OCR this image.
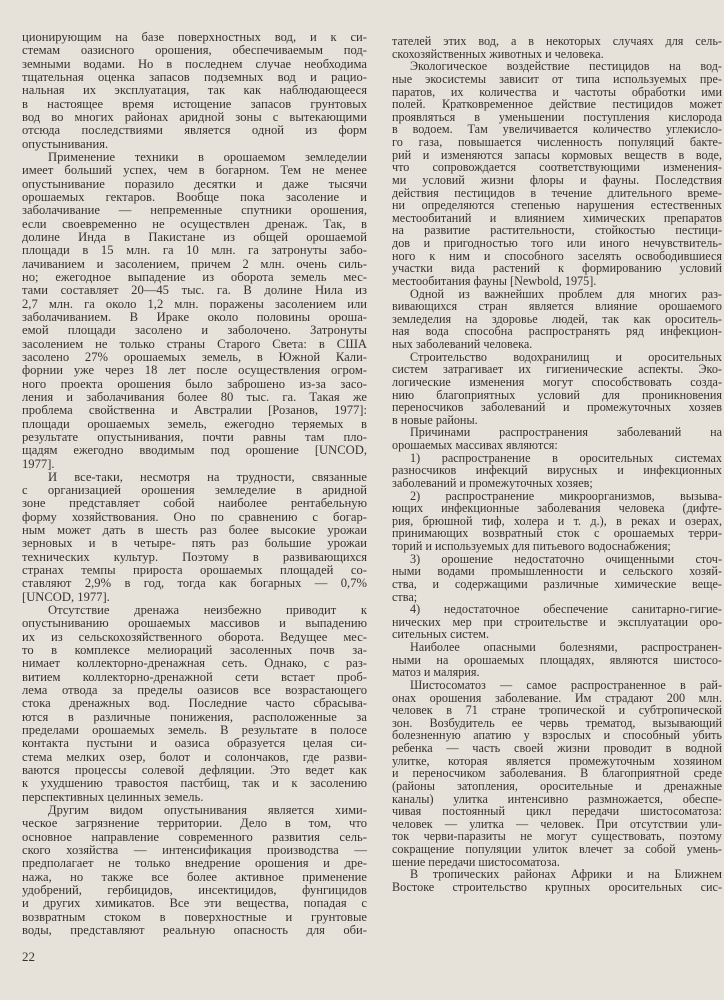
ционирующим на базе поверхностных вод, и к си-
стемам оазисного орошения, обеспечиваемым под-
земными водами. Но в последнем случае необходима
тщательная оценка запасов подземных вод и рацио-
нальная их эксплуатация, так как наблюдающееся
в настоящее время истощение запасов грунтовых
вод во многих районах аридной зоны с вытекающими
отсюда последствиями является одной из форм
опустынивания.
Применение техники в орошаемом земледелии
имеет больший успех, чем в богарном. Тем не менее
опустынивание поразило десятки и даже тысячи
орошаемых гектаров. Вообще пока засоление и
заболачивание — непременные спутники орошения,
если своевременно не осуществлен дренаж. Так, в
долине Инда в Пакистане из общей орошаемой
площади в 15 млн. га 10 млн. га затронуты забо-
лачиванием и засолением, причем 2 млн. очень силь-
но; ежегодное выпадение из оборота земель мес-
тами составляет 20—45 тыс. га. В долине Нила из
2,7 млн. га около 1,2 млн. поражены засолением или
заболачиванием. В Ираке около половины ороша-
емой площади засолено и заболочено. Затронуты
засолением не только страны Старого Света: в США
засолено 27% орошаемых земель, в Южной Кали-
форнии уже через 18 лет после осуществления огром-
ного проекта орошения было заброшено из-за засо-
ления и заболачивания более 80 тыс. га. Такая же
проблема свойственна и Австралии [Розанов, 1977]:
площади орошаемых земель, ежегодно теряемых в
результате опустынивания, почти равны там пло-
щадям ежегодно вводимым под орошение [UNCOD,
1977].
И все-таки, несмотря на трудности, связанные
с организацией орошения земледелие в аридной
зоне представляет собой наиболее рентабельную
форму хозяйствования. Оно по сравнению с богар-
ным может дать в шесть раз более высокие урожаи
зерновых и в четыре- пять раз большие урожаи
технических культур. Поэтому в развивающихся
странах темпы прироста орошаемых площадей со-
ставляют 2,9% в год, тогда как богарных — 0,7%
[UNCOD, 1977].
Отсутствие дренажа неизбежно приводит к
опустыниванию орошаемых массивов и выпадению
их из сельскохозяйственного оборота. Ведущее мес-
то в комплексе мелиораций засоленных почв за-
нимает коллекторно-дренажная сеть. Однако, с раз-
витием коллекторно-дренажной сети встает проб-
лема отвода за пределы оазисов все возрастающего
стока дренажных вод. Последние часто сбрасыва-
ются в различные понижения, расположенные за
пределами орошаемых земель. В результате в полосе
контакта пустыни и оазиса образуется целая си-
стема мелких озер, болот и солончаков, где разви-
ваются процессы солевой дефляции. Это ведет как
к ухудшению травостоя пастбищ, так и к засолению
перспективных целинных земель.
Другим видом опустынивания является хими-
ческое загрязнение территории. Дело в том, что
основное направление современного развития сель-
ского хозяйства — интенсификация производства —
предполагает не только внедрение орошения и дре-
нажа, но также все более активное применение
удобрений, гербицидов, инсектицидов, фунгицидов
и других химикатов. Все эти вещества, попадая с
возвратным стоком в поверхностные и грунтовые
воды, представляют реальную опасность для оби-
тателей этих вод, а в некоторых случаях для сель-
скохозяйственных животных и человека.
Экологическое воздействие пестицидов на вод-
ные экосистемы зависит от типа используемых пре-
паратов, их количества и частоты обработки ими
полей. Кратковременное действие пестицидов может
проявляться в уменьшении поступления кислорода
в водоем. Там увеличивается количество углекисло-
го газа, повышается численность популяций бакте-
рий и изменяются запасы кормовых веществ в воде,
что сопровождается соответствующими изменения-
ми условий жизни флоры и фауны. Последствия
действия пестицидов в течение длительного време-
ни определяются степенью нарушения естественных
местообитаний и влиянием химических препаратов
на развитие растительности, стойкостью пестици-
дов и пригодностью того или иного нечувствитель-
ного к ним и способного заселять освободившиеся
участки вида растений к формированию условий
местообитания фауны [Newbold, 1975].
Одной из важнейших проблем для многих раз-
вивающихся стран является влияние орошаемого
земледелия на здоровье людей, так как ороситель-
ная вода способна распространять ряд инфекцион-
ных заболеваний человека.
Строительство водохранилищ и оросительных
систем затрагивает их гигиенические аспекты. Эко-
логические изменения могут способствовать созда-
нию благоприятных условий для проникновения
переносчиков заболеваний и промежуточных хозяев
в новые районы.
Причинами распространения заболеваний на
орошаемых массивах являются:
1) распространение в оросительных системах
разносчиков инфекций вирусных и инфекционных
заболеваний и промежуточных хозяев;
2) распространение микроорганизмов, вызыва-
ющих инфекционные заболевания человека (дифте-
рия, брюшной тиф, холера и т. д.), в реках и озерах,
принимающих возвратный сток с орошаемых терри-
торий и используемых для питьевого водоснабжения;
3) орошение недостаточно очищенными сточ-
ными водами промышленности и сельского хозяй-
ства, и содержащими различные химические веще-
ства;
4) недостаточное обеспечение санитарно-гигие-
нических мер при строительстве и эксплуатации оро-
сительных систем.
Наиболее опасными болезнями, распространен-
ными на орошаемых площадях, являются шистосо-
матоз и малярия.
Шистосоматоз — самое распространенное в рай-
онах орошения заболевание. Им страдают 200 млн.
человек в 71 стране тропической и субтропической
зон. Возбудитель ее червь трематод, вызывающий
болезненную апатию у взрослых и способный убить
ребенка — часть своей жизни проводит в водной
улитке, которая является промежуточным хозяином
и переносчиком заболевания. В благоприятной среде
(районы затопления, оросительные и дренажные
каналы) улитка интенсивно размножается, обеспе-
чивая постоянный цикл передачи шистосоматоза:
человек — улитка — человек. При отсутствии ули-
ток черви-паразиты не могут существовать, поэтому
сокращение популяции улиток влечет за собой умень-
шение передачи шистосоматоза.
В тропических районах Африки и на Ближнем
Востоке строительство крупных оросительных сис-
22
